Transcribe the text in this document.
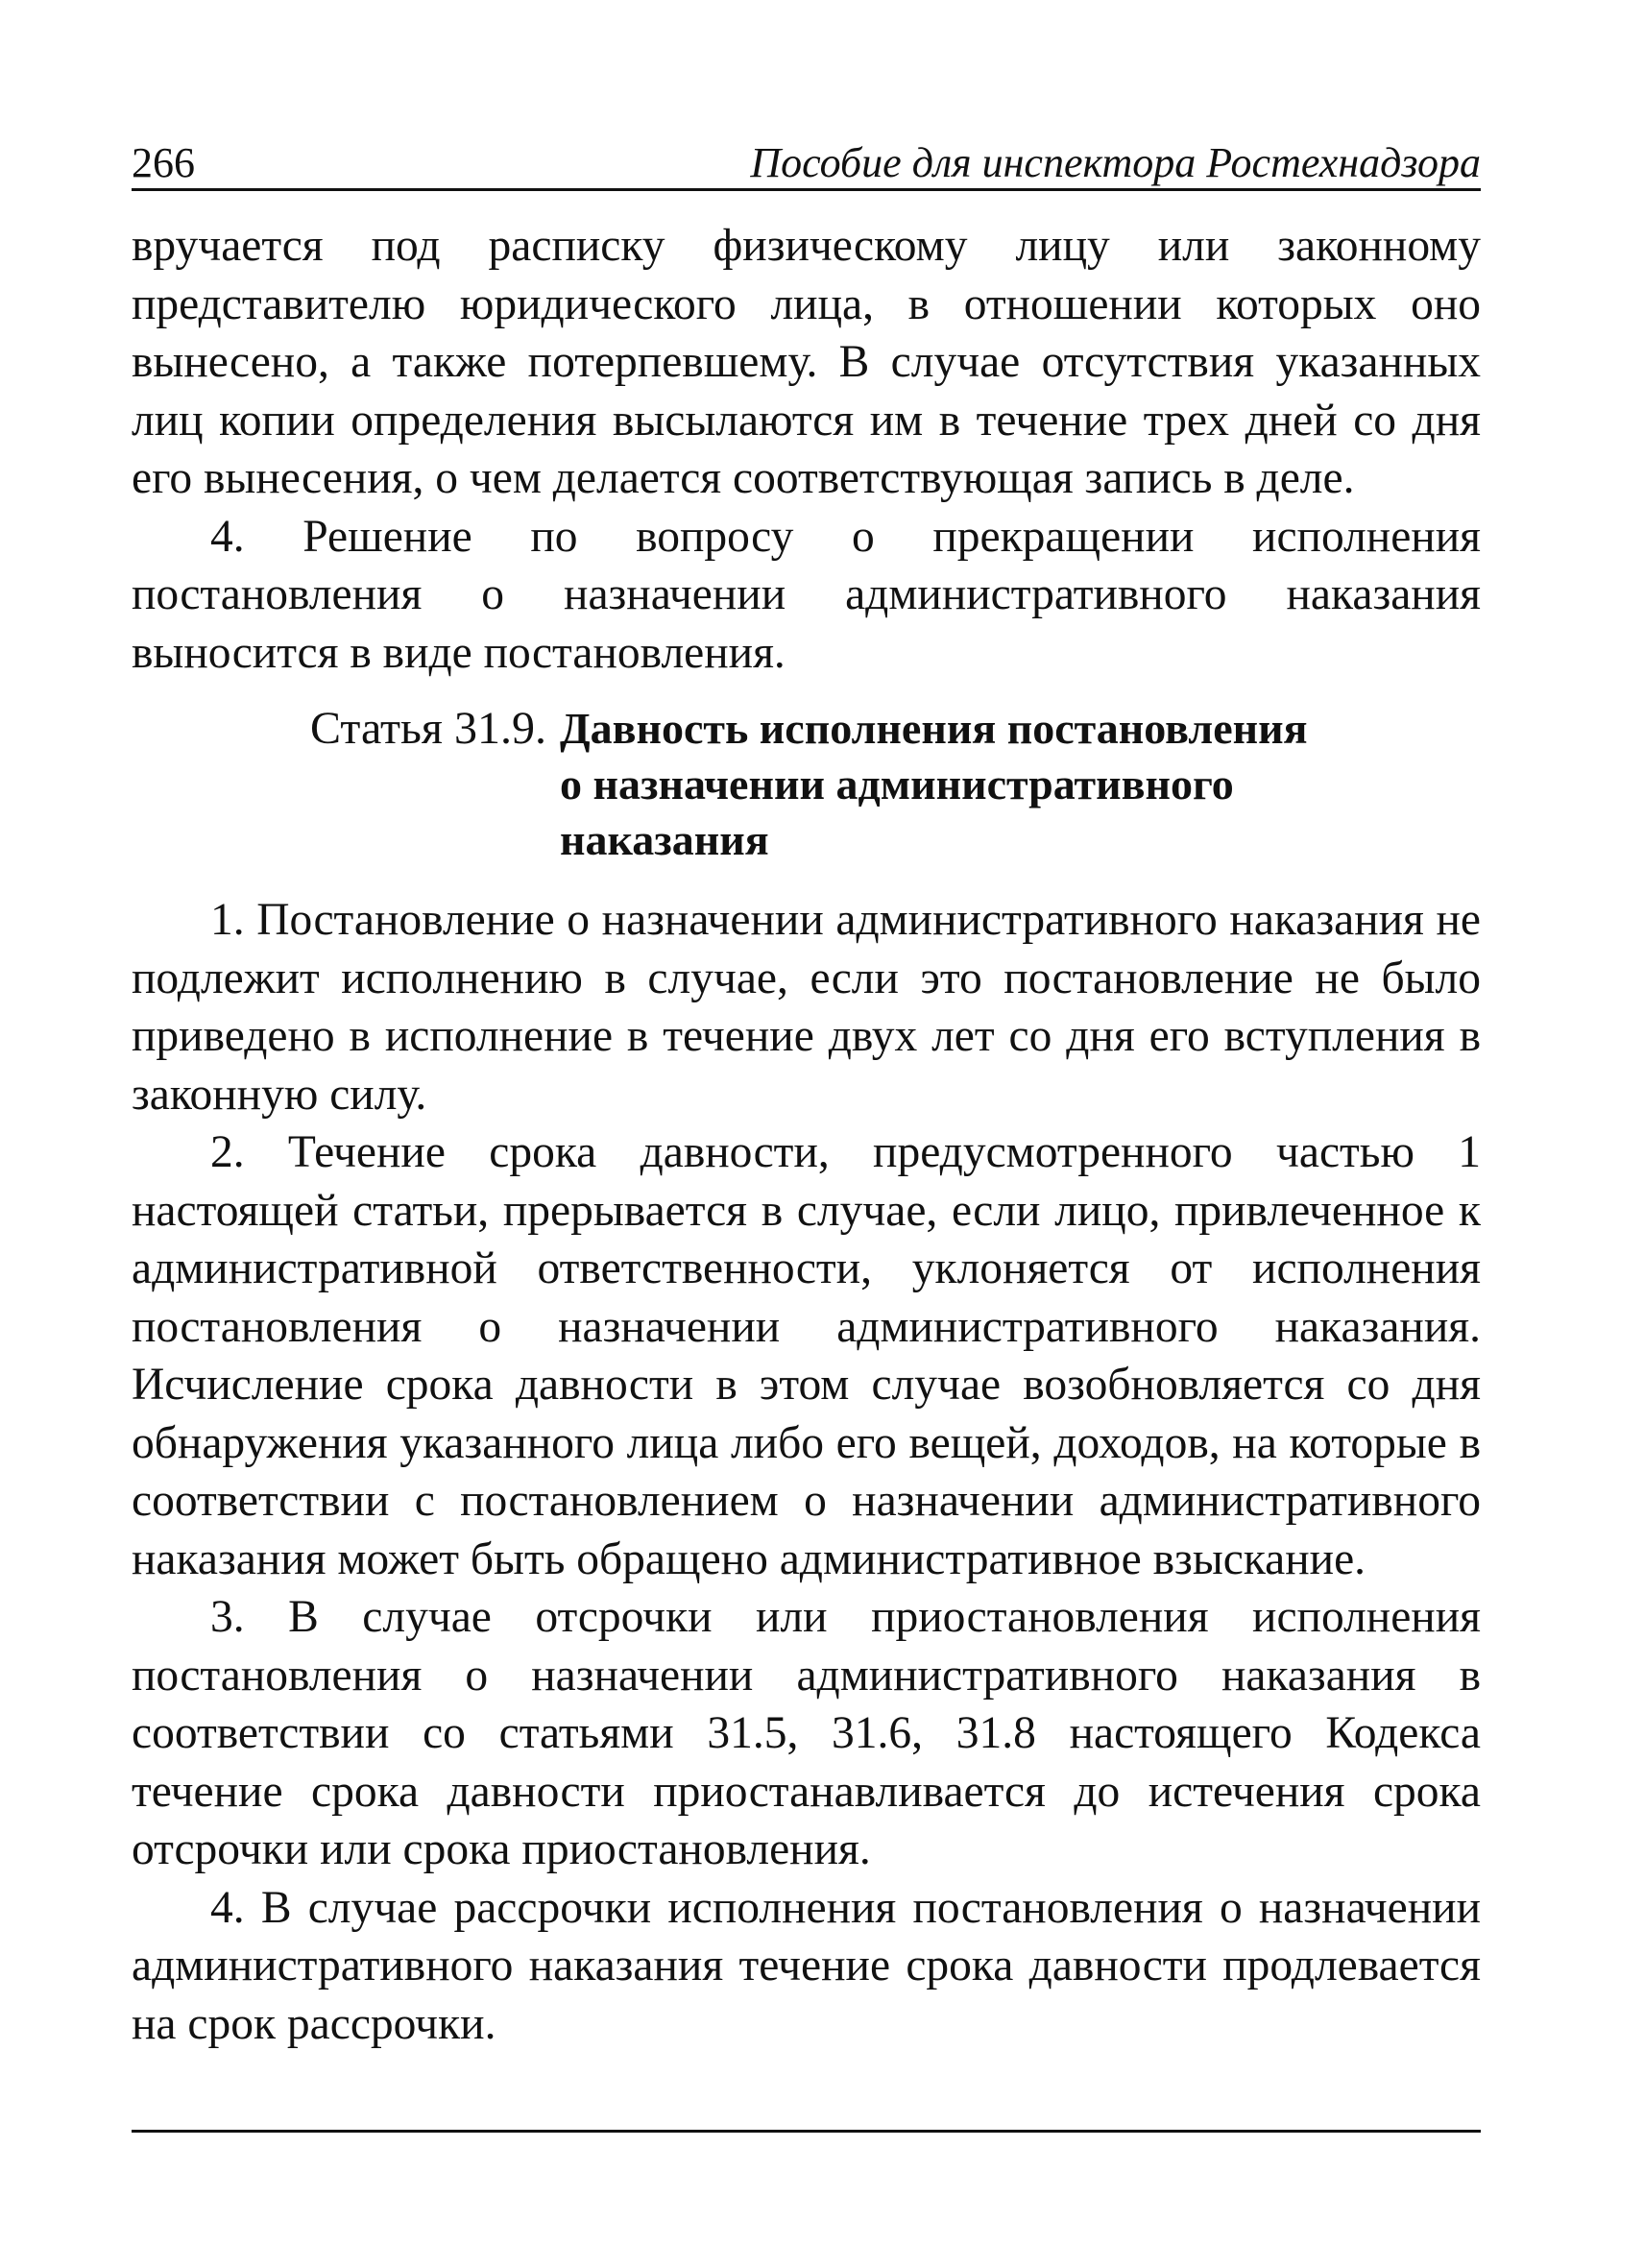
266	Пособие для инспектора Ростехнадзора

вручается под расписку физическому лицу или законному представителю юридического лица, в отношении которых оно вынесено, а также потерпевшему. В случае отсутствия указанных лиц копии определения высылаются им в течение трех дней со дня его вынесения, о чем делается соответствующая запись в деле.

4. Решение по вопросу о прекращении исполнения постановления о назначении административного наказания выносится в виде постановления.

Статья 31.9. Давность исполнения постановления о назначении административного наказания

1. Постановление о назначении административного наказания не подлежит исполнению в случае, если это постановление не было приведено в исполнение в течение двух лет со дня его вступления в законную силу.

2. Течение срока давности, предусмотренного частью 1 настоящей статьи, прерывается в случае, если лицо, привлеченное к административной ответственности, уклоняется от исполнения постановления о назначении административного наказания. Исчисление срока давности в этом случае возобновляется со дня обнаружения указанного лица либо его вещей, доходов, на которые в соответствии с постановлением о назначении административного наказания может быть обращено административное взыскание.

3. В случае отсрочки или приостановления исполнения постановления о назначении административного наказания в соответствии со статьями 31.5, 31.6, 31.8 настоящего Кодекса течение срока давности приостанавливается до истечения срока отсрочки или срока приостановления.

4. В случае рассрочки исполнения постановления о назначении административного наказания течение срока давности продлевается на срок рассрочки.
